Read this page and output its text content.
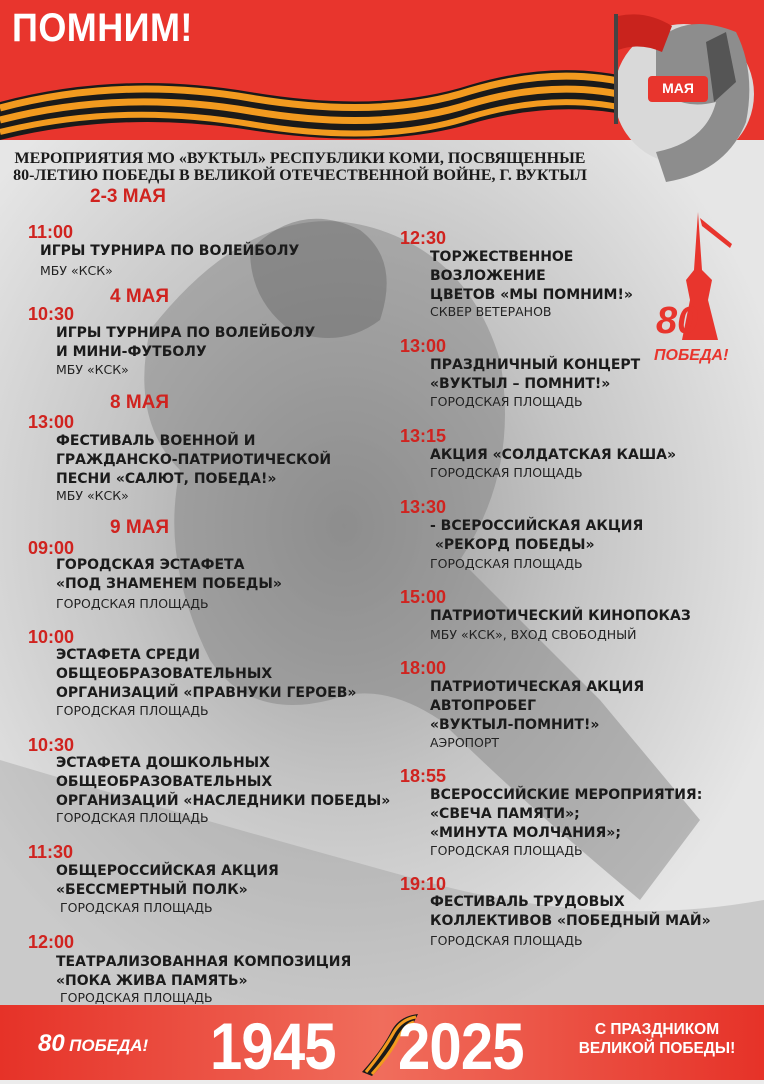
ПОМНИМ!
МАЯ
МЕРОПРИЯТИЯ МО «ВУКТЫЛ» РЕСПУБЛИКИ КОМИ, ПОСВЯЩЕННЫЕ
80-ЛЕТИЮ ПОБЕДЫ В ВЕЛИКОЙ ОТЕЧЕСТВЕННОЙ ВОЙНЕ, Г. ВУКТЫЛ
80
ПОБЕДА!
2-3 МАЯ
4 МАЯ
8 МАЯ
9 МАЯ
11:00
ИГРЫ ТУРНИРА ПО ВОЛЕЙБОЛУ
МБУ «КСК»
10:30
ИГРЫ ТУРНИРА ПО ВОЛЕЙБОЛУ
И МИНИ-ФУТБОЛУ
МБУ «КСК»
13:00
ФЕСТИВАЛЬ ВОЕННОЙ И
ГРАЖДАНСКО-ПАТРИОТИЧЕСКОЙ
ПЕСНИ «САЛЮТ, ПОБЕДА!»
МБУ «КСК»
09:00
ГОРОДСКАЯ ЭСТАФЕТА
«ПОД ЗНАМЕНЕМ ПОБЕДЫ»
ГОРОДСКАЯ ПЛОЩАДЬ
10:00
ЭСТАФЕТА СРЕДИ
ОБЩЕОБРАЗОВАТЕЛЬНЫХ
ОРГАНИЗАЦИЙ «ПРАВНУКИ ГЕРОЕВ»
ГОРОДСКАЯ ПЛОЩАДЬ
10:30
ЭСТАФЕТА ДОШКОЛЬНЫХ
ОБЩЕОБРАЗОВАТЕЛЬНЫХ
ОРГАНИЗАЦИЙ «НАСЛЕДНИКИ ПОБЕДЫ»
ГОРОДСКАЯ ПЛОЩАДЬ
11:30
ОБЩЕРОССИЙСКАЯ АКЦИЯ
«БЕССМЕРТНЫЙ ПОЛК»
ГОРОДСКАЯ ПЛОЩАДЬ
12:00
ТЕАТРАЛИЗОВАННАЯ КОМПОЗИЦИЯ
«ПОКА ЖИВА ПАМЯТЬ»
ГОРОДСКАЯ ПЛОЩАДЬ
12:30
ТОРЖЕСТВЕННОЕ
ВОЗЛОЖЕНИЕ
ЦВЕТОВ «МЫ ПОМНИМ!»
СКВЕР ВЕТЕРАНОВ
13:00
ПРАЗДНИЧНЫЙ КОНЦЕРТ
«ВУКТЫЛ – ПОМНИТ!»
ГОРОДСКАЯ ПЛОЩАДЬ
13:15
АКЦИЯ «СОЛДАТСКАЯ КАША»
ГОРОДСКАЯ ПЛОЩАДЬ
13:30
- ВСЕРОССИЙСКАЯ АКЦИЯ
«РЕКОРД ПОБЕДЫ»
ГОРОДСКАЯ ПЛОЩАДЬ
15:00
ПАТРИОТИЧЕСКИЙ КИНОПОКАЗ
МБУ «КСК», ВХОД СВОБОДНЫЙ
18:00
ПАТРИОТИЧЕСКАЯ АКЦИЯ
АВТОПРОБЕГ
«ВУКТЫЛ-ПОМНИТ!»
АЭРОПОРТ
18:55
ВСЕРОССИЙСКИЕ МЕРОПРИЯТИЯ:
«СВЕЧА ПАМЯТИ»;
«МИНУТА МОЛЧАНИЯ»;
ГОРОДСКАЯ ПЛОЩАДЬ
19:10
ФЕСТИВАЛЬ ТРУДОВЫХ
КОЛЛЕКТИВОВ «ПОБЕДНЫЙ МАЙ»
ГОРОДСКАЯ ПЛОЩАДЬ
80 ПОБЕДА! 1945 2025	С ПРАЗДНИКОМ
ВЕЛИКОЙ ПОБЕДЫ!
